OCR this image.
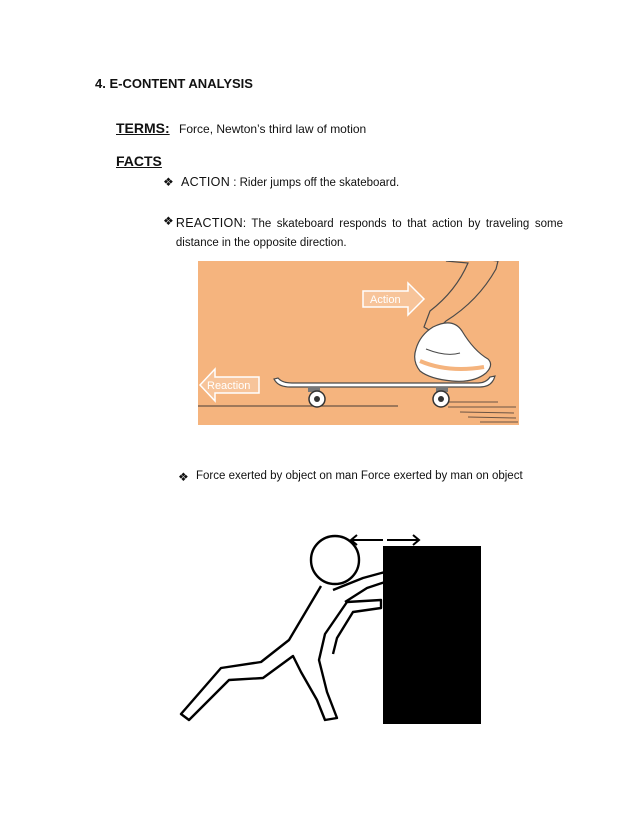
4. E-CONTENT ANALYSIS
TERMS: Force, Newton’s third law of motion
FACTS
❖ ACTION : Rider jumps off the skateboard.
❖ REACTION: The skateboard responds to that action by traveling some distance in the opposite direction.
Action
Reaction
❖ Force exerted by object on man Force exerted by man on object
